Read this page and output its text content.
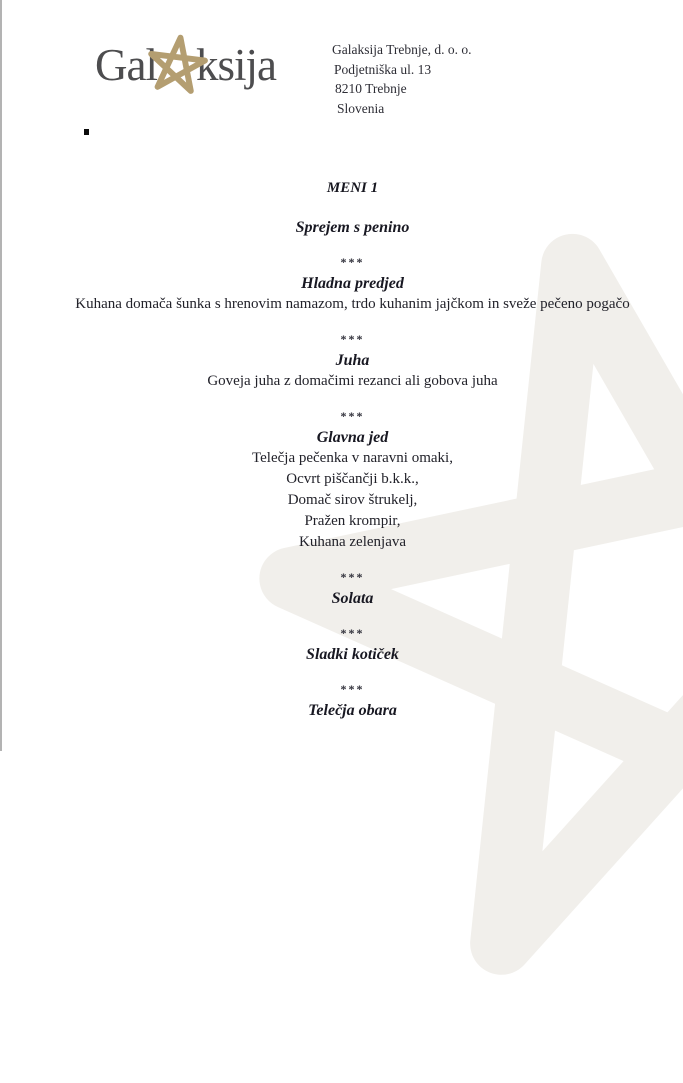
Gal ksija	Galaksija Trebnje, d. o. o.
Podjetniška ul. 13
8210 Trebnje
Slovenia
MENI 1
Sprejem s penino
***
Hladna predjed
Kuhana domača šunka s hrenovim namazom, trdo kuhanim jajčkom in sveže pečeno pogačo
***
Juha
Goveja juha z domačimi rezanci ali gobova juha
***
Glavna jed
Telečja pečenka v naravni omaki,
Ocvrt piščančji b.k.k.,
Domač sirov štrukelj,
Pražen krompir,
Kuhana zelenjava
***
Solata
***
Sladki kotiček
***
Telečja obara
